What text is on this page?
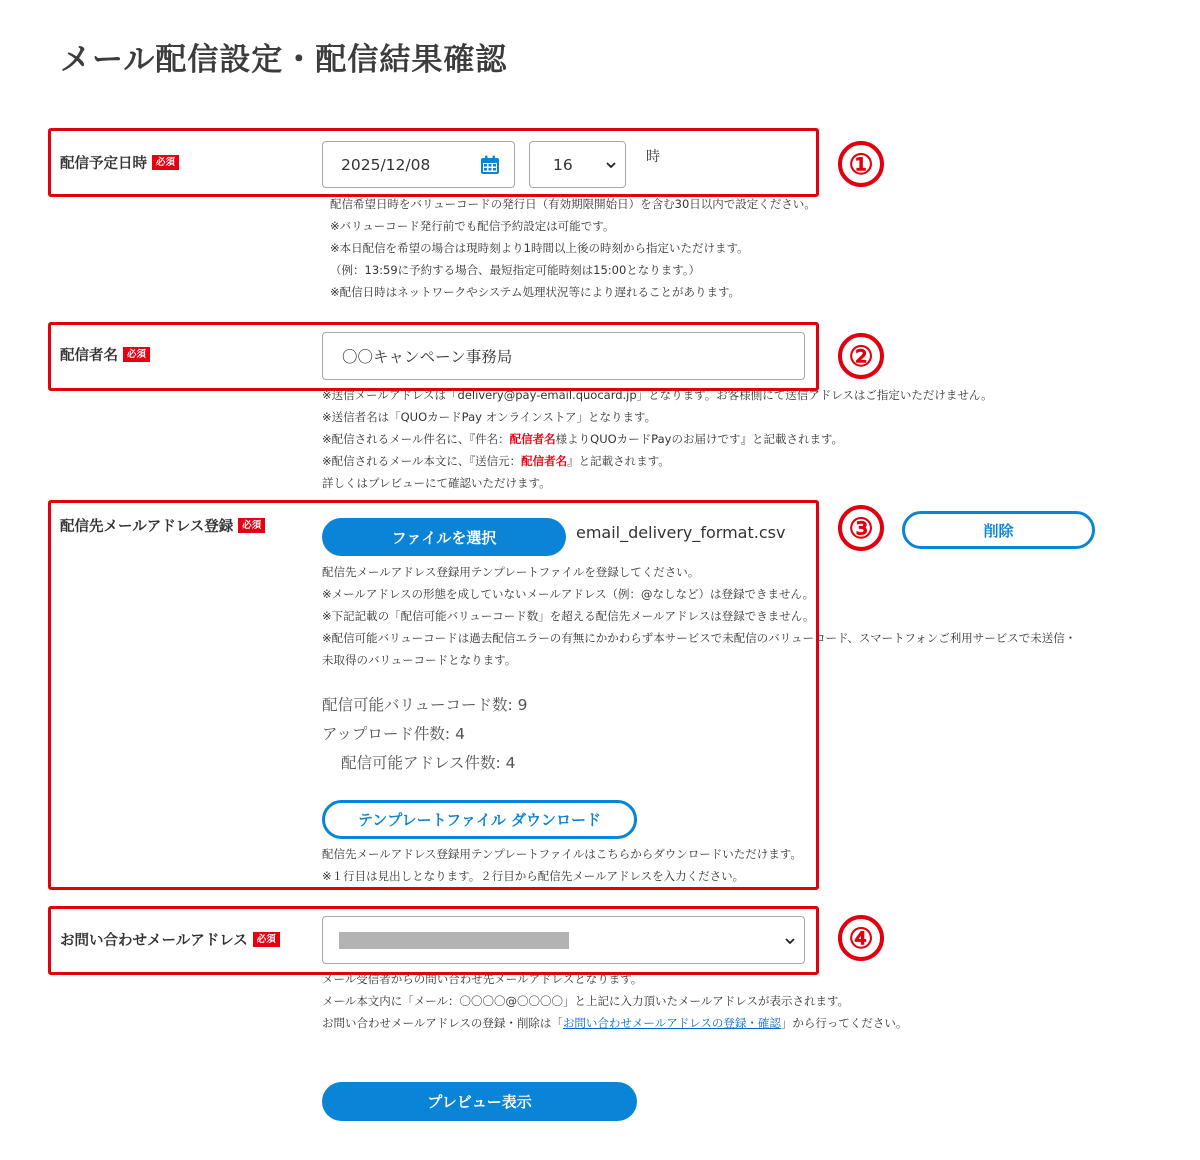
メール配信設定・配信結果確認
配信予定日時 必須	2025/12/08	16	時	①
配信希望日時をバリューコードの発行日（有効期限開始日）を含む30日以内で設定ください。
※バリューコード発行前でも配信予約設定は可能です。
※本日配信を希望の場合は現時刻より1時間以上後の時刻から指定いただけます。
（例：13:59に予約する場合、最短指定可能時刻は15:00となります。）
※配信日時はネットワークやシステム処理状況等により遅れることがあります。
配信者名 必須	〇〇キャンペーン事務局
※送信メールアドレスは「delivery@pay-email.quocard.jp」となります。お客様側にて送信アドレスはご指定いただけません。
※送信者名は「QUOカードPay オンラインストア」となります。
※配信されるメール件名に、『件名：配信者名様よりQUOカードPayのお届けです』と記載されます。
※配信されるメール本文に、『送信元：配信者名』と記載されます。
詳しくはプレビューにて確認いただけます。
②
配信先メールアドレス登録 必須
ファイルを選択	email_delivery_format.csv	削除
配信先メールアドレス登録用テンプレートファイルを登録してください。
※メールアドレスの形態を成していないメールアドレス（例：@なしなど）は登録できません。
※下記記載の「配信可能バリューコード数」を超える配信先メールアドレスは登録できません。
※配信可能バリューコードは過去配信エラーの有無にかかわらず本サービスで未配信のバリューコード、スマートフォンご利用サービスで未送信・
未取得のバリューコードとなります。
配信可能バリューコード数: 9
アップロード件数: 4
配信可能アドレス件数: 4
テンプレートファイル ダウンロード
配信先メールアドレス登録用テンプレートファイルはこちらからダウンロードいただけます。
※１行目は見出しとなります。２行目から配信先メールアドレスを入力ください。
③
お問い合わせメールアドレス 必須
メール受信者からの問い合わせ先メールアドレスとなります。
メール本文内に「メール：〇〇〇〇@〇〇〇〇」と上記に入力頂いたメールアドレスが表示されます。
お問い合わせメールアドレスの登録・削除は「お問い合わせメールアドレスの登録・確認」から行ってください。
④
プレビュー表示
